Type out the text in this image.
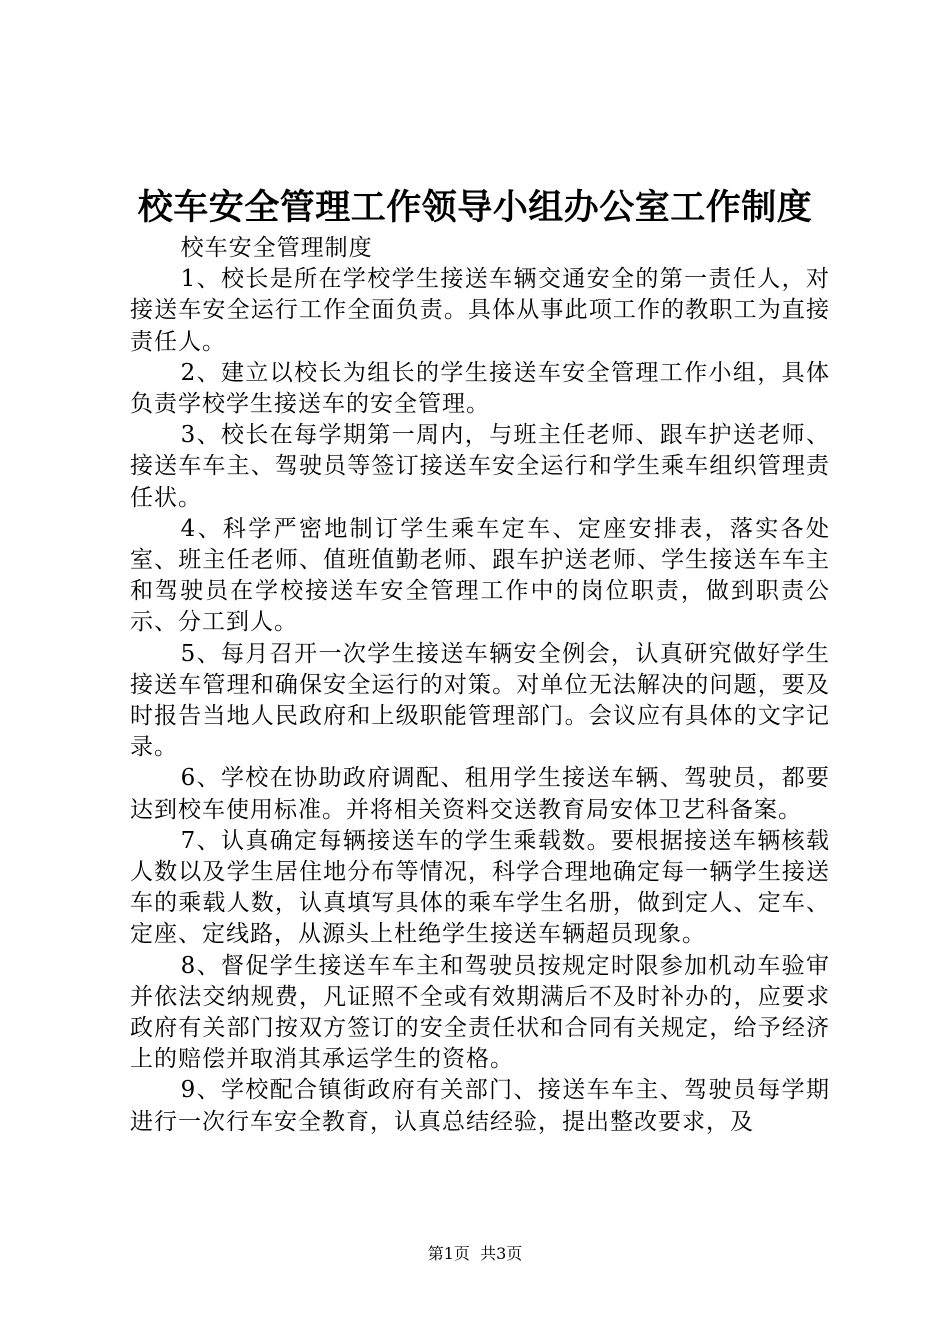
校车安全管理工作领导小组办公室工作制度

校车安全管理制度

1、校长是所在学校学生接送车辆交通安全的第一责任人，对接送车安全运行工作全面负责。具体从事此项工作的教职工为直接责任人。

2、建立以校长为组长的学生接送车安全管理工作小组，具体负责学校学生接送车的安全管理。

3、校长在每学期第一周内，与班主任老师、跟车护送老师、接送车车主、驾驶员等签订接送车安全运行和学生乘车组织管理责任状。

4、科学严密地制订学生乘车定车、定座安排表，落实各处室、班主任老师、值班值勤老师、跟车护送老师、学生接送车车主和驾驶员在学校接送车安全管理工作中的岗位职责，做到职责公示、分工到人。

5、每月召开一次学生接送车辆安全例会，认真研究做好学生接送车管理和确保安全运行的对策。对单位无法解决的问题，要及时报告当地人民政府和上级职能管理部门。会议应有具体的文字记录。

6、学校在协助政府调配、租用学生接送车辆、驾驶员，都要达到校车使用标准。并将相关资料交送教育局安体卫艺科备案。

7、认真确定每辆接送车的学生乘载数。要根据接送车辆核载人数以及学生居住地分布等情况，科学合理地确定每一辆学生接送车的乘载人数，认真填写具体的乘车学生名册，做到定人、定车、定座、定线路，从源头上杜绝学生接送车辆超员现象。

8、督促学生接送车车主和驾驶员按规定时限参加机动车验审并依法交纳规费，凡证照不全或有效期满后不及时补办的，应要求政府有关部门按双方签订的安全责任状和合同有关规定，给予经济上的赔偿并取消其承运学生的资格。

9、学校配合镇街政府有关部门、接送车车主、驾驶员每学期进行一次行车安全教育，认真总结经验，提出整改要求，及

第1页  共3页
